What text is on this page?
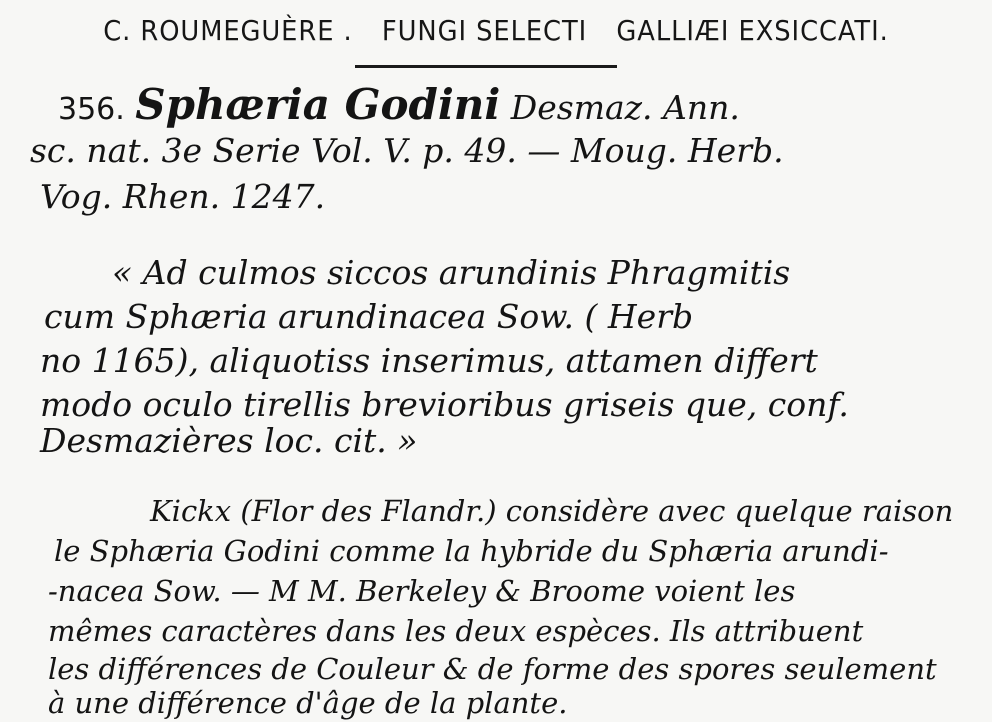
C. ROUMEGUÈRE . FUNGI SELECTI GALLIÆI EXSICCATI.
356. Sphæria Godini Desmaz. Ann.
sc. nat. 3e Serie Vol. V. p. 49. — Moug. Herb.
Vog. Rhen. 1247.
« Ad culmos siccos arundinis Phragmitis
cum Sphæria arundinacea Sow. ( Herb
no 1165), aliquotiss inserimus, attamen differt
modo oculo tirellis brevioribus griseis que, conf.
Desmazières loc. cit. »
Kickx (Flor des Flandr.) considère avec quelque raison
le Sphæria Godini comme la hybride du Sphæria arundi-
-nacea Sow. — M M. Berkeley & Broome voient les
mêmes caractères dans les deux espèces. Ils attribuent
les différences de Couleur & de forme des spores seulement
à une différence d'âge de la plante.
